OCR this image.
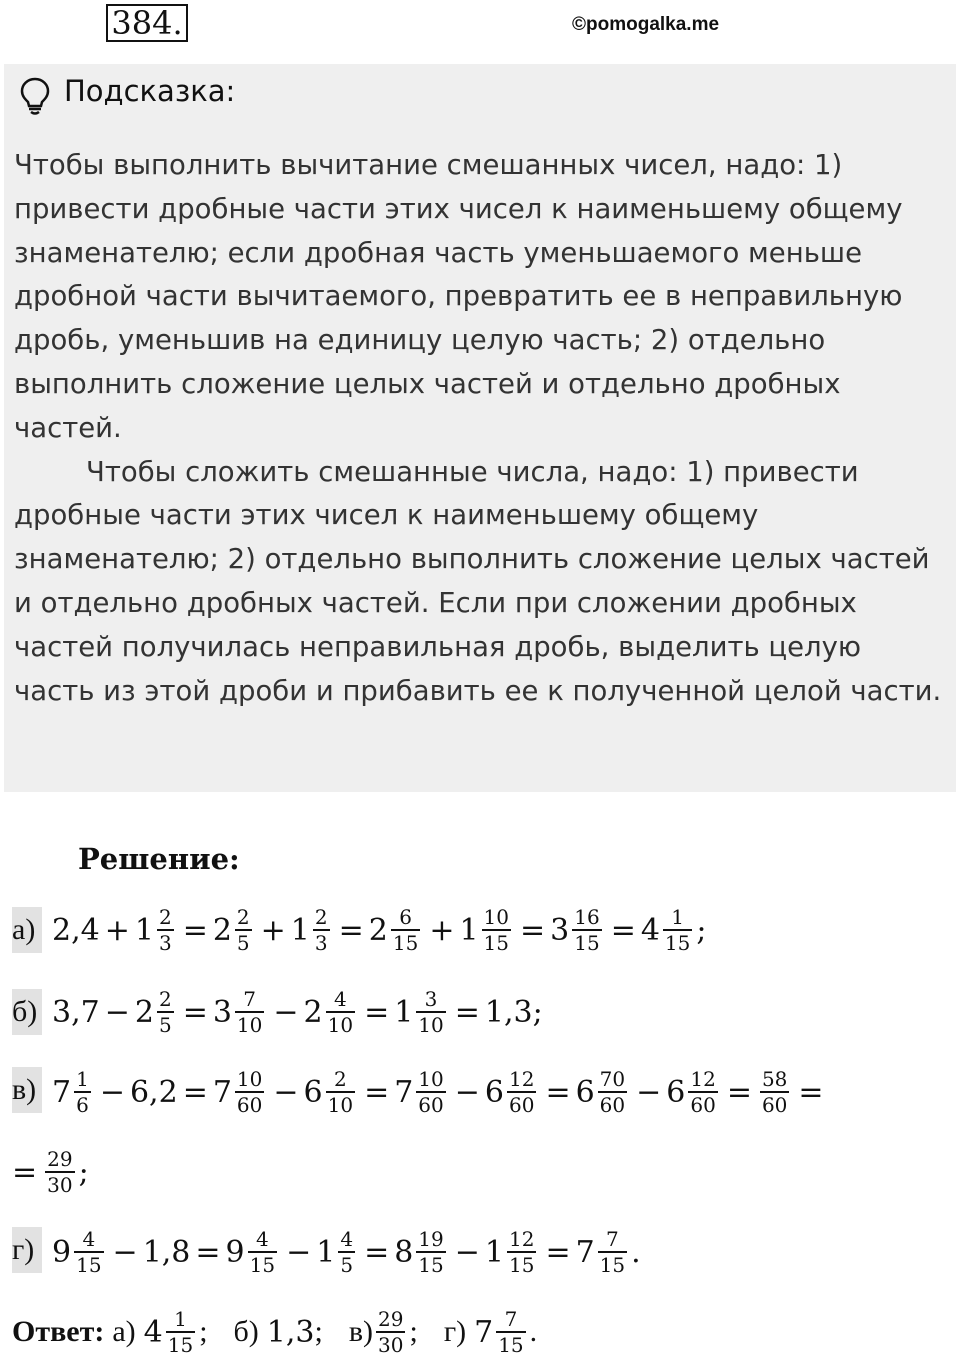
384.	©pomogalka.me
Подсказка:

Чтобы выполнить вычитание смешанных чисел, надо: 1) привести дробные части этих чисел к наименьшему общему знаменателю; если дробная часть уменьшаемого меньше дробной части вычитаемого, превратить ее в неправильную дробь, уменьшив на единицу целую часть; 2) отдельно выполнить сложение целых частей и отдельно дробных частей.

Чтобы сложить смешанные числа, надо: 1) привести дробные части этих чисел к наименьшему общему знаменателю; 2) отдельно выполнить сложение целых частей и отдельно дробных частей. Если при сложении дробных частей получилась неправильная дробь, выделить целую часть из этой дроби и прибавить ее к полученной целой части.

Решение:
а) $2,4 + 1 \frac{2}{3} = 2 \frac{2}{5} + 1 \frac{2}{3} = 2 \frac{6}{15} + 1 \frac{10}{15} = 3 \frac{16}{15} = 4 \frac{1}{15}$ ;
б) $3,7 - 2 \frac{2}{5} = 3 \frac{7}{10} - 2 \frac{4}{10} = 1 \frac{3}{10} = 1,3$ ;
в) $7 \frac{1}{6} - 6,2 = 7 \frac{10}{60} - 6 \frac{2}{10} = 7 \frac{10}{60} - 6 \frac{12}{60} = 6 \frac{70}{60} - 6 \frac{12}{60} = \frac{58}{60}$ =
= $\frac{29}{30}$ ;
г) $9 \frac{4}{15} - 1,8 = 9 \frac{4}{15} - 1 \frac{4}{5} = 8 \frac{19}{15} - 1 \frac{12}{15} = 7 \frac{7}{15}$ .
Ответ: а) $4 \frac{1}{15}$ ; б) 1,3 ; $в) \frac{29}{30}$ ; г) $7 \frac{7}{15}$ .
